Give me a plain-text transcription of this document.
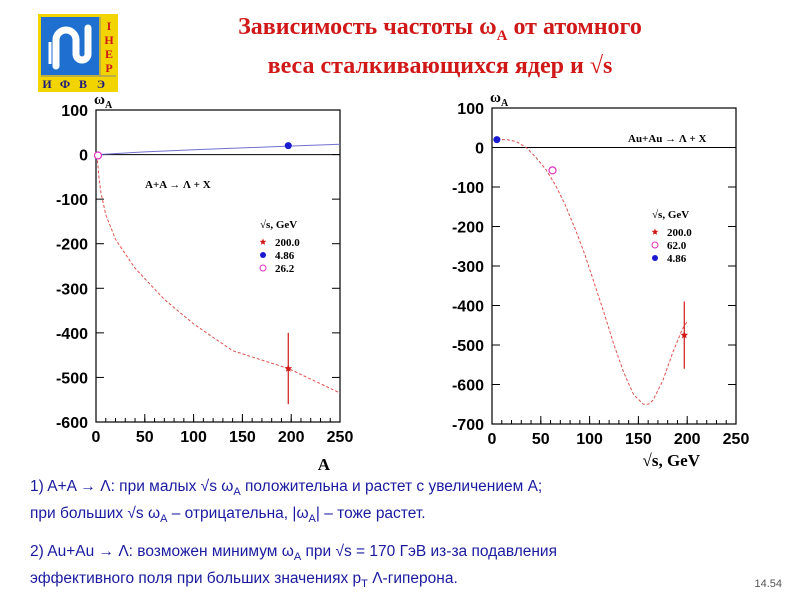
І
Н
Е
Р
И Ф В Э
Зависимость частоты $\omega_A$ от атомного
веса сталкивающихся ядер и √s
100
0
-100
-200
-300
-400
-500
-600
0 50 100 150 200 250
$\omega_A$
A
A+A → Λ + X
√s, GeV
200.0
4.86
26.2
100
0
-100
-200
-300
-400
-500
-600
-700
0 50 100 150 200 250
$\omega_A$
√s, GeV
Au+Au → Λ + X
√s, GeV
200.0
62.0
4.86
1) A+A → Λ: при малых √s $\omega_A$ положительна и растет с увеличением А;
при больших √s $\omega_A$ – отрицательна, $|\omega_A|$ – тоже растет.
2) Au+Au → Λ: возможен минимум $\omega_A$ при √s = 170 ГэВ из-за подавления
эффективного поля при больших значениях $p_T$ Λ-гиперона.	14.54
